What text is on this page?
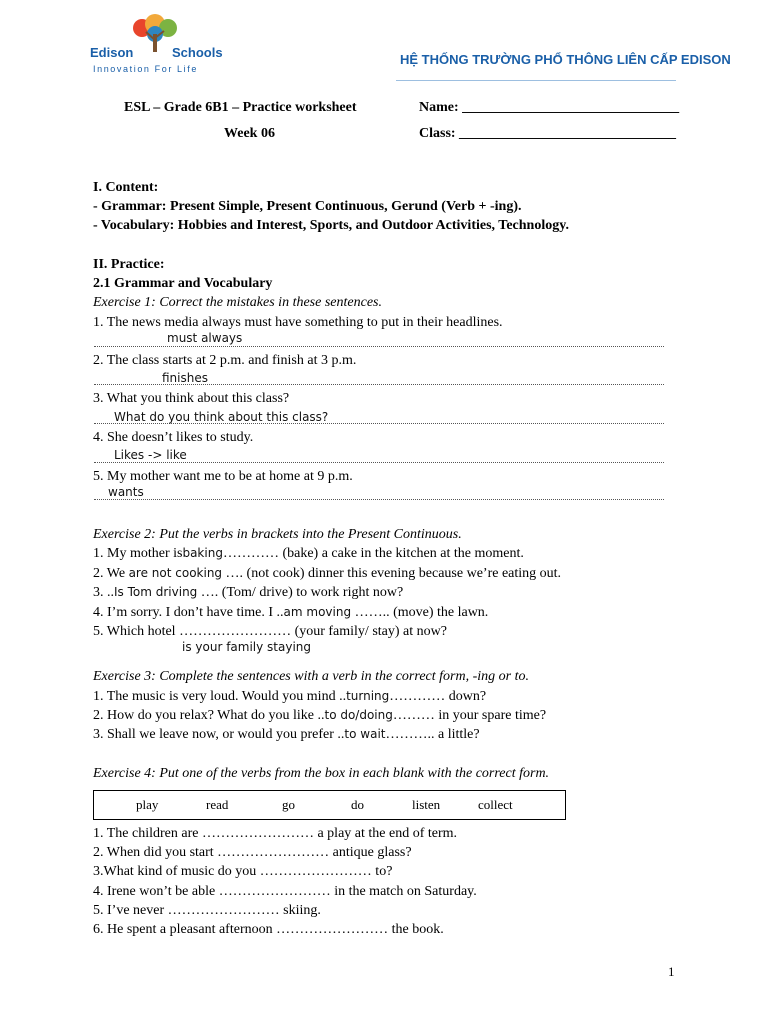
Edison	Schools
Innovation For Life
HỆ THỐNG TRƯỜNG PHỔ THÔNG LIÊN CẤP EDISON
ESL – Grade 6B1 – Practice worksheet
Week 06
Name: _______________________________
Class: _______________________________
I. Content:
- Grammar: Present Simple, Present Continuous, Gerund (Verb + -ing).
- Vocabulary: Hobbies and Interest, Sports, and Outdoor Activities, Technology.
II. Practice:
2.1 Grammar and Vocabulary
Exercise 1: Correct the mistakes in these sentences.
1. The news media always must have something to put in their headlines.
must always
2. The class starts at 2 p.m. and finish at 3 p.m.
finishes
3. What you think about this class?
What do you think about this class?
4. She doesn’t likes to study.
Likes -> like
5. My mother want me to be at home at 9 p.m.
wants
Exercise 2: Put the verbs in brackets into the Present Continuous.
1. My mother isbaking………… (bake) a cake in the kitchen at the moment.
2. We are not cooking …. (not cook) dinner this evening because we’re eating out.
3. ..Is Tom driving …. (Tom/ drive) to work right now?
4. I’m sorry. I don’t have time. I ..am moving …….. (move) the lawn.
5. Which hotel …………………… (your family/ stay) at now?
is your family staying
Exercise 3: Complete the sentences with a verb in the correct form, -ing or to.
1. The music is very loud. Would you mind ..turning………… down?
2. How do you relax? What do you like ..to do/doing……… in your spare time?
3. Shall we leave now, or would you prefer ..to wait……….. a little?
Exercise 4: Put one of the verbs from the box in each blank with the correct form.
play	read	go	do	listen	collect
1. The children are …………………… a play at the end of term.
2. When did you start …………………… antique glass?
3.What kind of music do you …………………… to?
4. Irene won’t be able …………………… in the match on Saturday.
5. I’ve never …………………… skiing.
6. He spent a pleasant afternoon …………………… the book.
1
